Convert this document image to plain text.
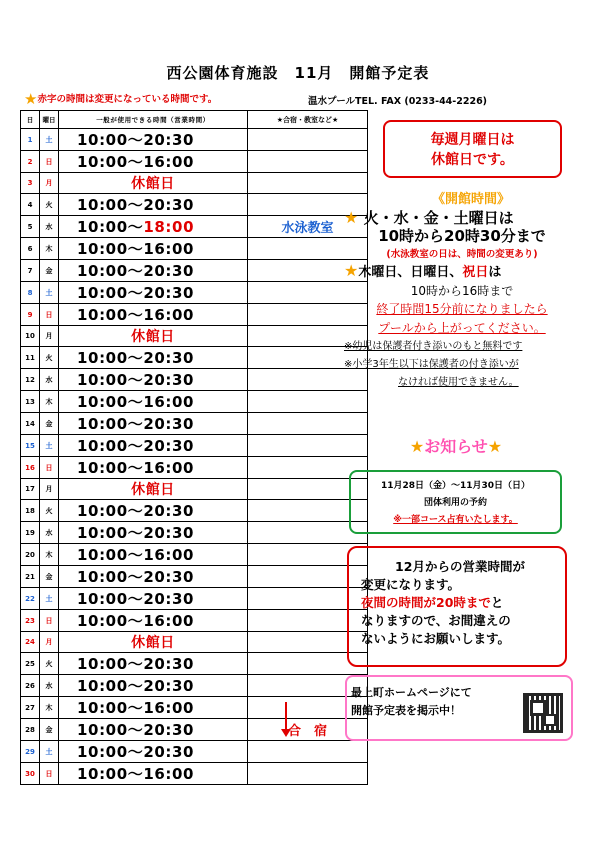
西公園体育施設　11月　開館予定表
★赤字の時間は変更になっている時間です。	温水プールTEL. FAX (0233-44-2226)
日	曜日	一般が使用できる時間（営業時間）	★合宿・教室など★
1	土	10:00～20:30	
2	日	10:00～16:00	
3	月	休館日	
4	火	10:00～20:30	
5	水	10:00～18:00	水泳教室
6	木	10:00～16:00	
7	金	10:00～20:30	
8	土	10:00～20:30	
9	日	10:00～16:00	
10	月	休館日	
11	火	10:00～20:30	
12	水	10:00～20:30	
13	木	10:00～16:00	
14	金	10:00～20:30	
15	土	10:00～20:30	
16	日	10:00～16:00	
17	月	休館日	
18	火	10:00～20:30	
19	水	10:00～20:30	
20	木	10:00～16:00	
21	金	10:00～20:30	
22	土	10:00～20:30	
23	日	10:00～16:00	
24	月	休館日	
25	火	10:00～20:30	
26	水	10:00～20:30	
27	木	10:00～16:00	
28	金	10:00～20:30	合　宿
29	土	10:00～20:30	
30	日	10:00～16:00	
毎週月曜日は
休館日です。
《開館時間》
★ 火・水・金・土曜日は
10時から20時30分まで
(水泳教室の日は、時間の変更あり)
★木曜日、日曜日、祝日は
10時から16時まで
終了時間15分前になりましたら
プールから上がってください。
※幼児は保護者付き添いのもと無料です
※小学3年生以下は保護者の付き添いが
なければ使用できません。
★お知らせ★
11月28日（金）～11月30日（日）
団体利用の予約
※一部コース占有いたします。
12月からの営業時間が
変更になります。
夜間の時間が20時までと
なりますので、お間違えの
ないようにお願いします。
最上町ホームページにて
開館予定表を掲示中！
